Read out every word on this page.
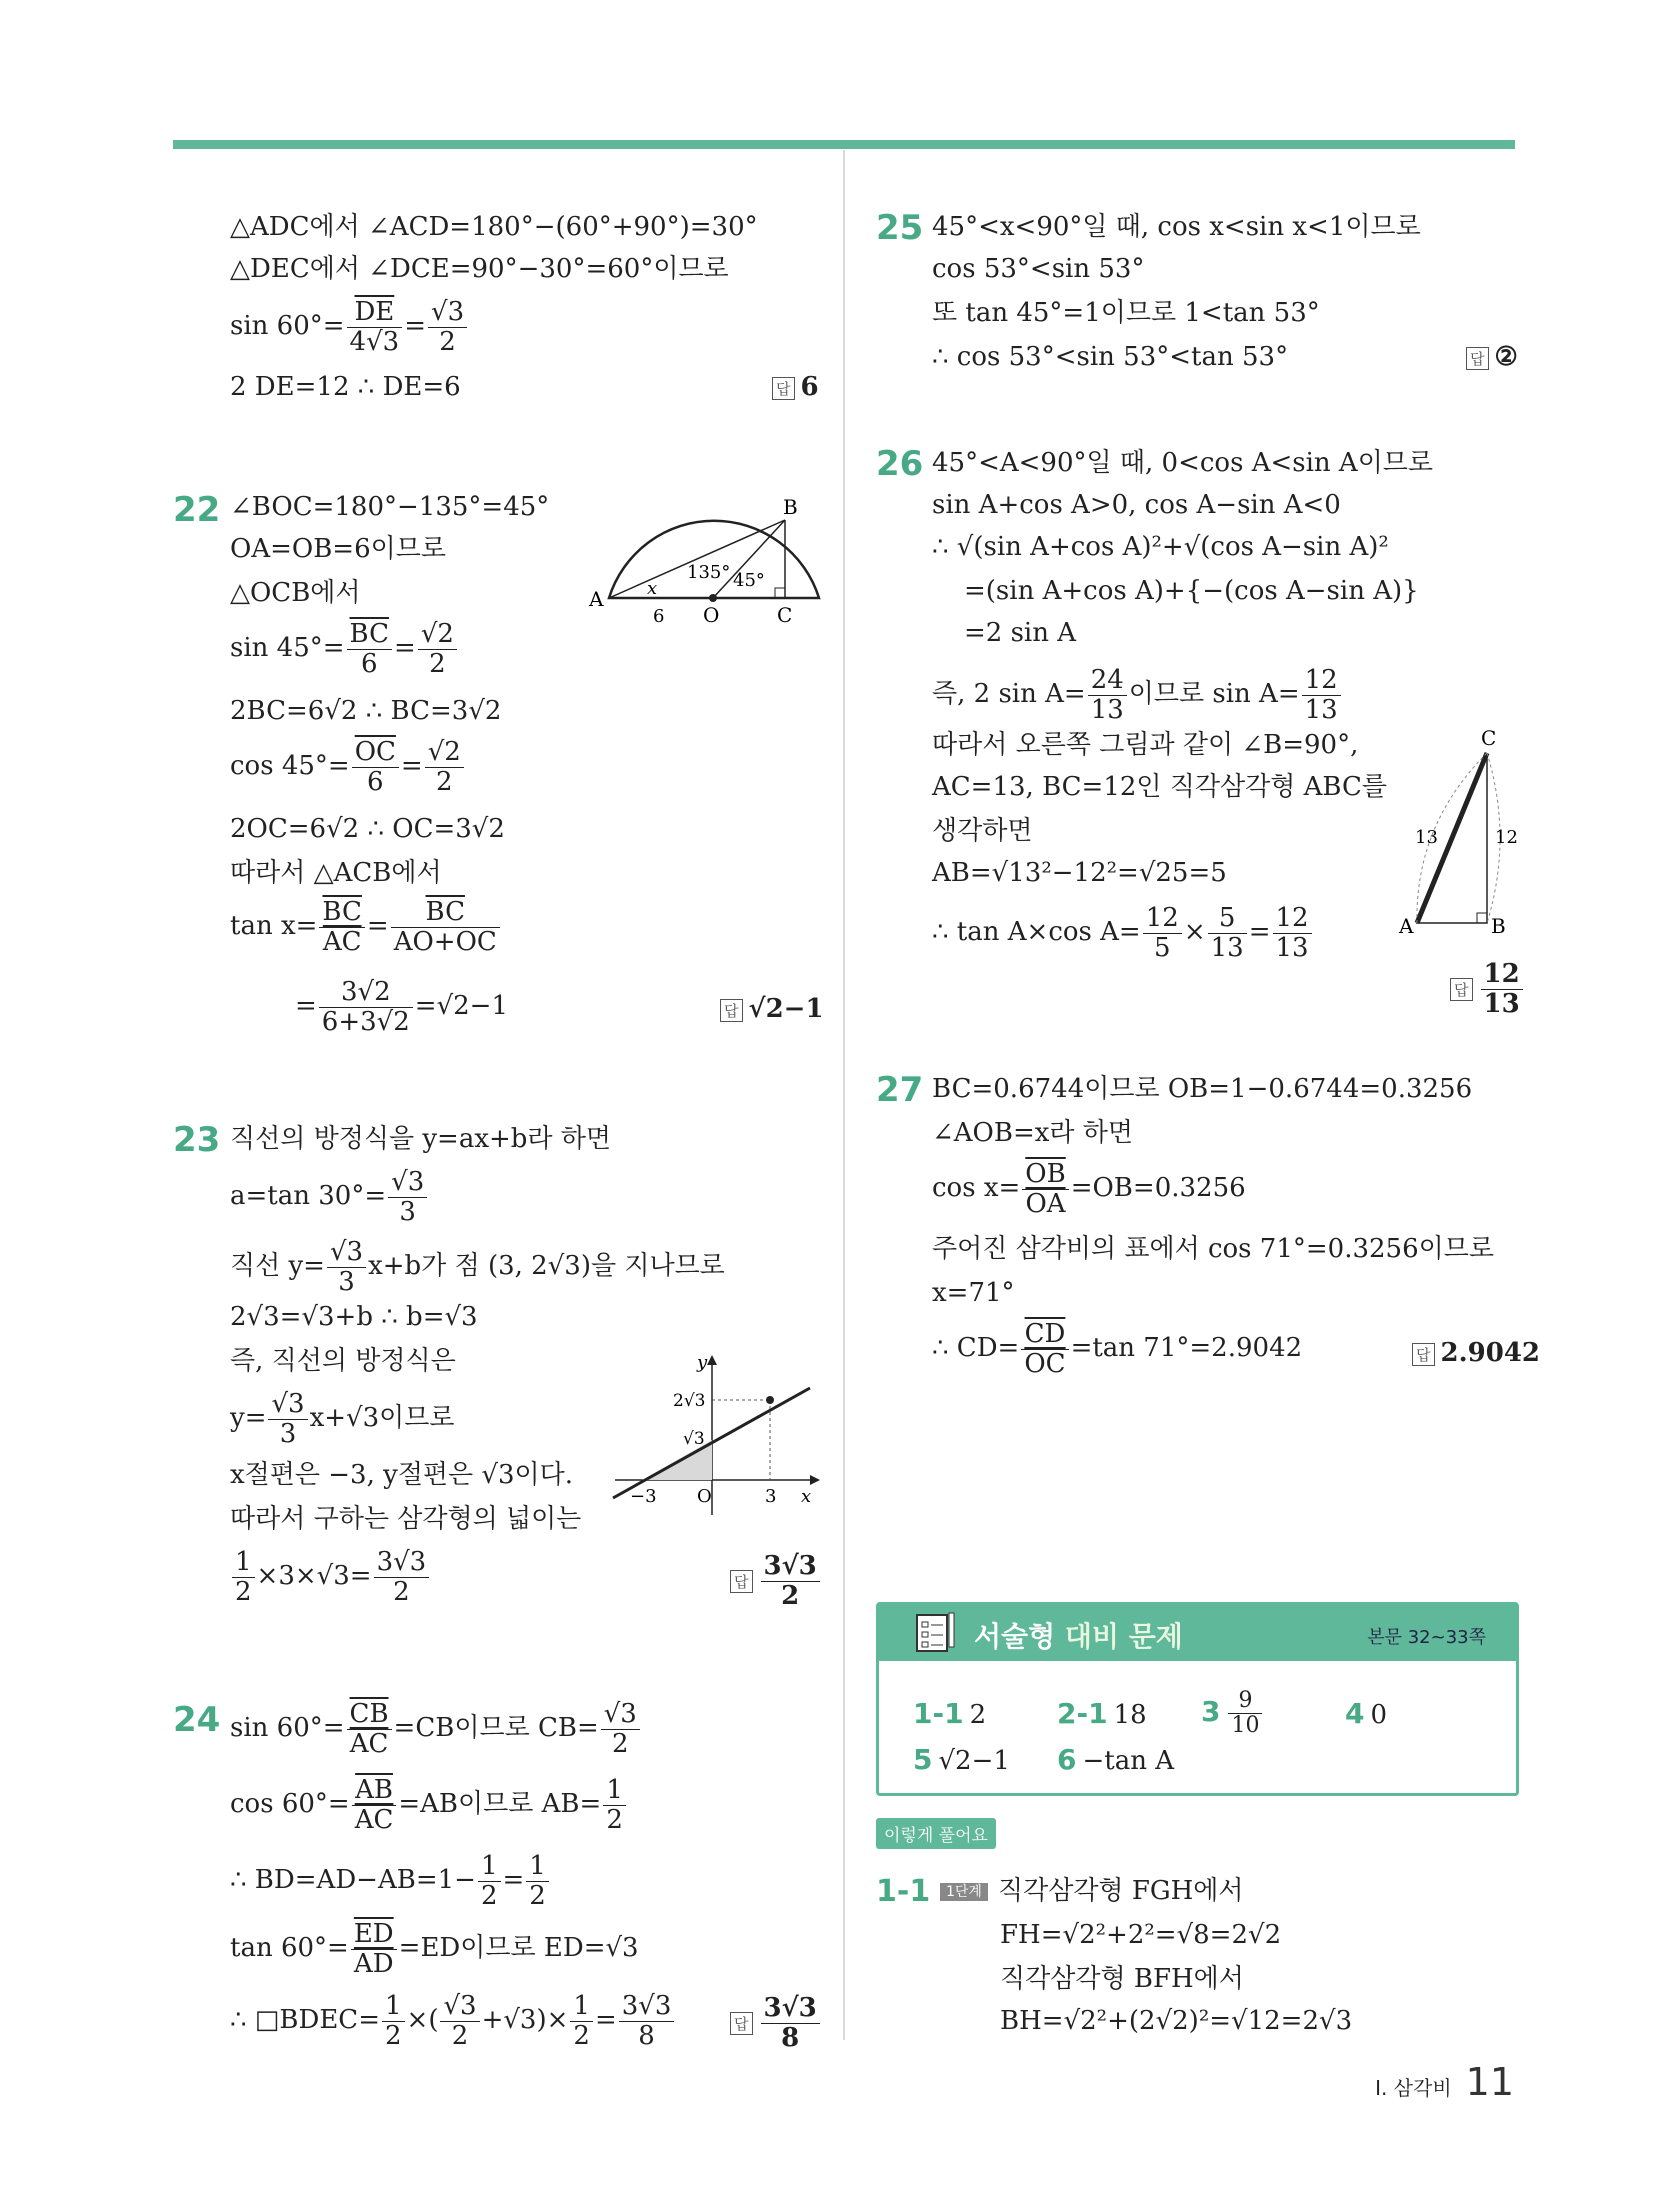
△ADC에서 ∠ACD=180°−(60°+90°)=30°
△DEC에서 ∠DCE=90°−30°=60°이므로
$\sin 60^\circ= \frac{\overline{DE}}{4√3} = \frac{√3}{2}$
2 DE=12 ∴ DE=6	답 6
22 ∠BOC=180°−135°=45°
OA=OB=6이므로
△OCB에서
$\sin 45^\circ= \frac{\overline{BC}}{6} = \frac{√2}{2}$
2BC=6√2 ∴ BC=3√2
$\cos 45^\circ= \frac{\overline{OC}}{6} = \frac{√2}{2}$
2OC=6√2 ∴ OC=3√2
따라서 △ACB에서
$\tan x= \frac{\overline{BC}}{AC} = \frac{\overline{BC}}{AO+OC}$
= $\frac{3√2}{6+3√2} =√2-1$	답 √2−1
A
B
C
O
x
135° 45°
6
23 직선의 방정식을 y=ax+b라 하면
a=tan $30^\circ= \frac{√3}{3}$
직선 $y= \frac{√3}{3} x+b$가 점 (3, 2√3)을 지나므로
2√3=√3+b ∴ b=√3
즉, 직선의 방정식은
$y= \frac{√3}{3} x+√3$이므로
x절편은 −3, y절편은 √3이다.
따라서 구하는 삼각형의 넓이는
$\frac{1}{2} \times 3\times√3= \frac{3√3}{2}$	답 $\frac{3√3}{2}$
y
x
O
−3	3
2√3
√3
24 $\sin 60^\circ= \frac{\overline{CB}}{AC} =CB$이므로 $CB= \frac{√3}{2}$
$\cos 60^\circ= \frac{\overline{AB}}{AC} =AB$이므로 $AB= \frac{1}{2}$
∴ $BD=AD-AB=1- \frac{1}{2} = \frac{1}{2}$
$\tan 60^\circ= \frac{\overline{ED}}{AD} =ED$이므로 ED=√3
∴ □BDEC= $\frac{1}{2}$ ×( $\frac{√3}{2} +√3)\times \frac{1}{2} = \frac{3√3}{8}$	답 $\frac{3√3}{8}$
25 45°<x<90°일 때, cos x<sin x<1이므로
cos 53°<sin 53°
또 tan 45°=1이므로 1<tan 53°
∴ cos 53°<sin 53°<tan 53°	답 ②
26 45°<A<90°일 때, 0<cos A<sin A이므로
sin A+cos A>0, cos A−sin A<0
∴ √(sin A+cos A)²+√(cos A−sin A)²
=(sin A+cos A)+{−(cos A−sin A)}
=2 sin A
즉, 2 $\sin A= \frac{24}{13}$ 이므로 $\sin A= \frac{12}{13}$
따라서 오른쪽 그림과 같이 ∠B=90°,
AC=13, BC=12인 직각삼각형 ABC를
생각하면
AB=√13²−12²=√25=5
∴ tan A×cos $A= \frac{12}{5} \times \frac{5}{13} = \frac{12}{13}$
답 $\frac{12}{13}$
A	B
C
13	12
27 BC=0.6744이므로 OB=1−0.6744=0.3256
∠AOB=x라 하면
$\cos x= \frac{\overline{OB}}{OA} =OB=0.3256$
주어진 삼각비의 표에서 cos 71°=0.3256이므로
x=71°
∴ $CD= \frac{\overline{CD}}{OC} =\tan$ 71°=2.9042	답 2.9042
서술형 대비 문제	본문 32~33쪽
1-1 2	2-1 18 $3 \frac{9}{10}$	4 0
5 √2−1 6 −tan A
이렇게 풀어요
1-1	1단계 직각삼각형 FGH에서
FH=√2²+2²=√8=2√2
직각삼각형 BFH에서
BH=√2²+(2√2)²=√12=2√3
I. 삼각비 11
